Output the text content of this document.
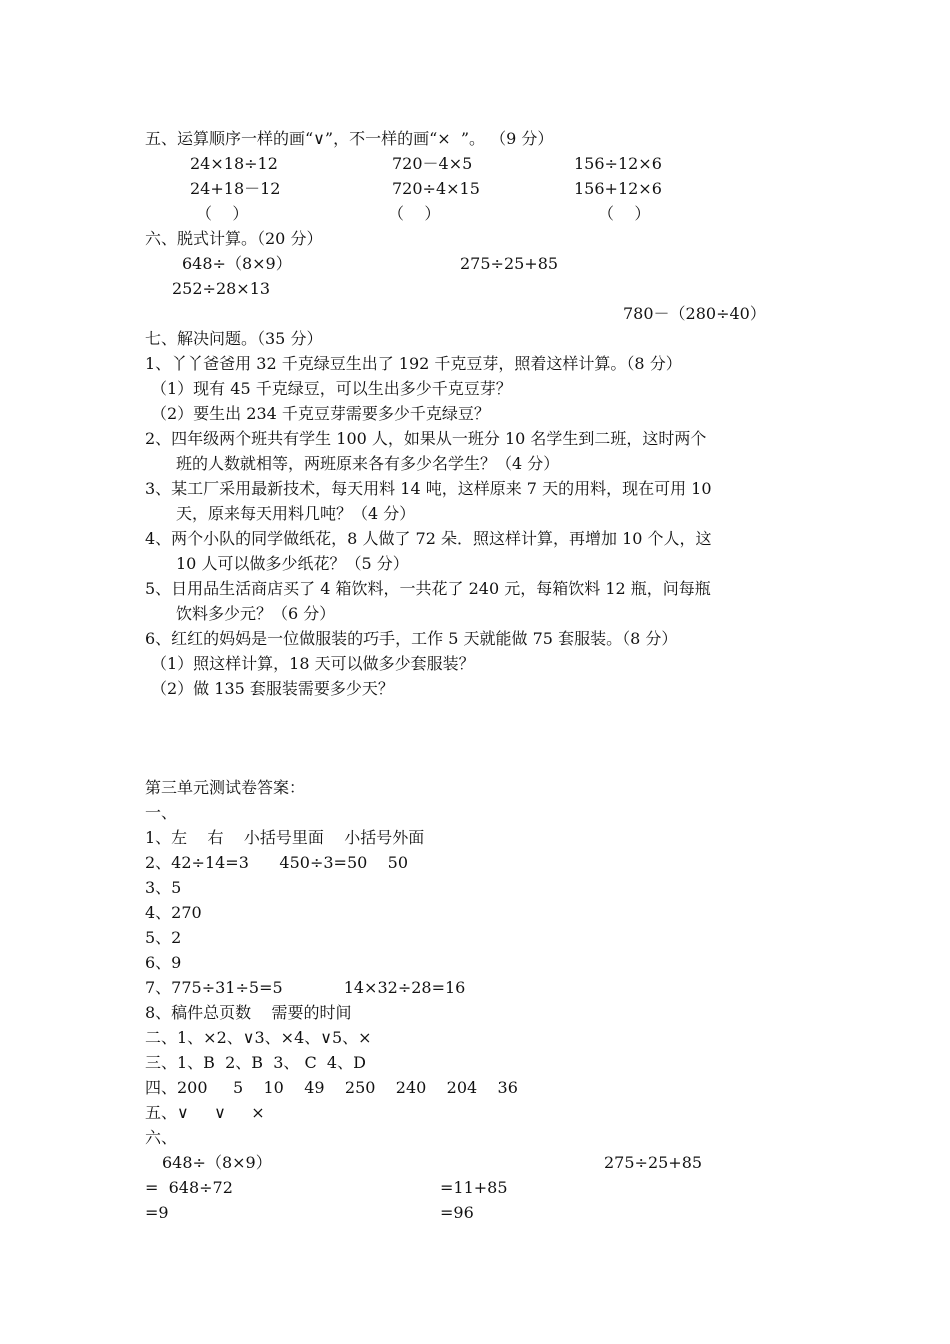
五、运算顺序一样的画“∨”，不一样的画“×  ”。 （9 分）
24×18÷12	720－4×5	156÷12×6
24+18－12	720÷4×15	156+12×6
（    ）	（    ）	（    ）
六、脱式计算。（20 分）
648÷（8×9）	275÷25+85
252÷28×13
780－（280÷40）
七、解决问题。（35 分）
1、丫丫爸爸用 32 千克绿豆生出了 192 千克豆芽，照着这样计算。（8 分）
（1）现有 45 千克绿豆，可以生出多少千克豆芽？
（2）要生出 234 千克豆芽需要多少千克绿豆？
2、四年级两个班共有学生 100 人，如果从一班分 10 名学生到二班，这时两个
班的人数就相等，两班原来各有多少名学生？（4 分）
3、某工厂采用最新技术，每天用料 14 吨，这样原来 7 天的用料，现在可用 10
天，原来每天用料几吨？（4 分）
4、两个小队的同学做纸花，8 人做了 72 朵．照这样计算，再增加 10 个人，这
10 人可以做多少纸花？（5 分）
5、日用品生活商店买了 4 箱饮料，一共花了 240 元，每箱饮料 12 瓶，问每瓶
饮料多少元？（6 分）
6、红红的妈妈是一位做服装的巧手，工作 5 天就能做 75 套服装。（8 分）
（1）照这样计算，18 天可以做多少套服装？
（2）做 135 套服装需要多少天？
第三单元测试卷答案：
一、
1、左    右    小括号里面    小括号外面
2、42÷14=3      450÷3=50    50
3、5
4、270
5、2
6、9
7、775÷31÷5=5            14×32÷28=16
8、稿件总页数    需要的时间
二、1、×2、∨3、×4、∨5、×
三、1、B  2、B  3、 C  4、D
四、200     5    10    49    250    240    204    36
五、∨     ∨     ×
六、
648÷（8×9）
=  648÷72
=9
275÷25+85
=11+85
=96
